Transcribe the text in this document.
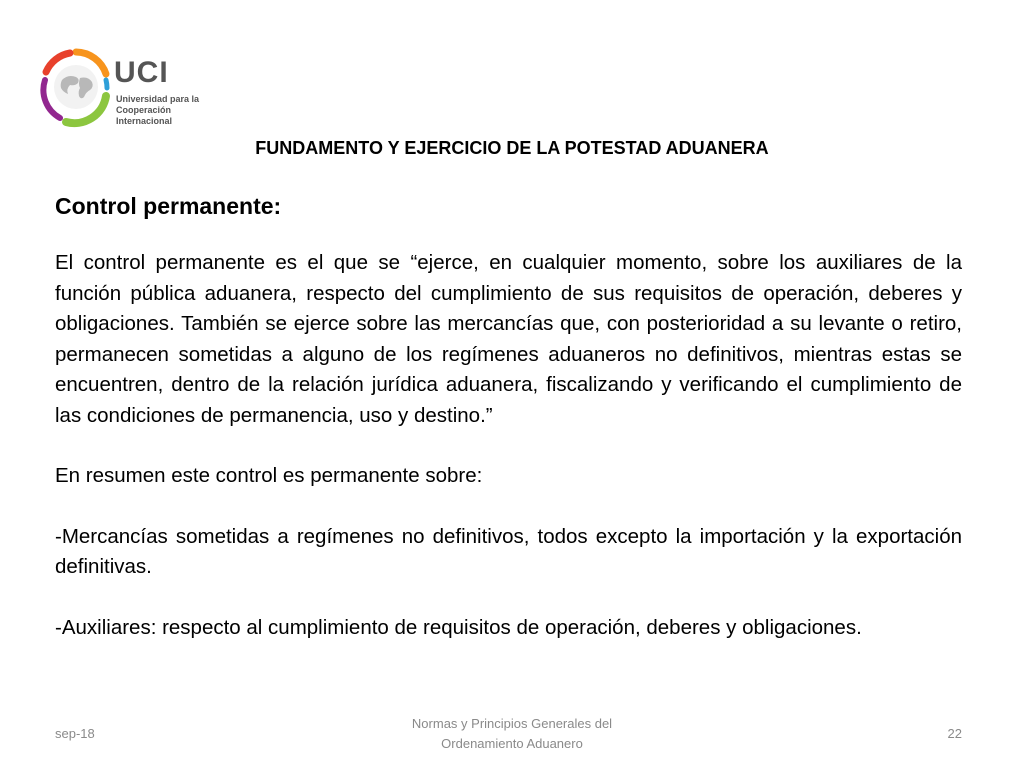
UCI
Universidad para la
Cooperación Internacional
FUNDAMENTO Y EJERCICIO DE LA POTESTAD ADUANERA
Control permanente:

El control permanente es el que se “ejerce, en cualquier momento, sobre los auxiliares de la función pública aduanera, respecto del cumplimiento de sus requisitos de operación, deberes y obligaciones. También se ejerce sobre las mercancías que, con posterioridad a su levante o retiro, permanecen sometidas a alguno de los regímenes aduaneros no definitivos, mientras estas se encuentren, dentro de la relación jurídica aduanera, fiscalizando y verificando el cumplimiento de las condiciones de permanencia, uso y destino.”

En resumen este control es permanente sobre:

-Mercancías sometidas a regímenes no definitivos, todos excepto la importación y la exportación definitivas.

-Auxiliares: respecto al cumplimiento de requisitos de operación, deberes y obligaciones.

sep-18
Normas y Principios Generales del
Ordenamiento Aduanero
22
